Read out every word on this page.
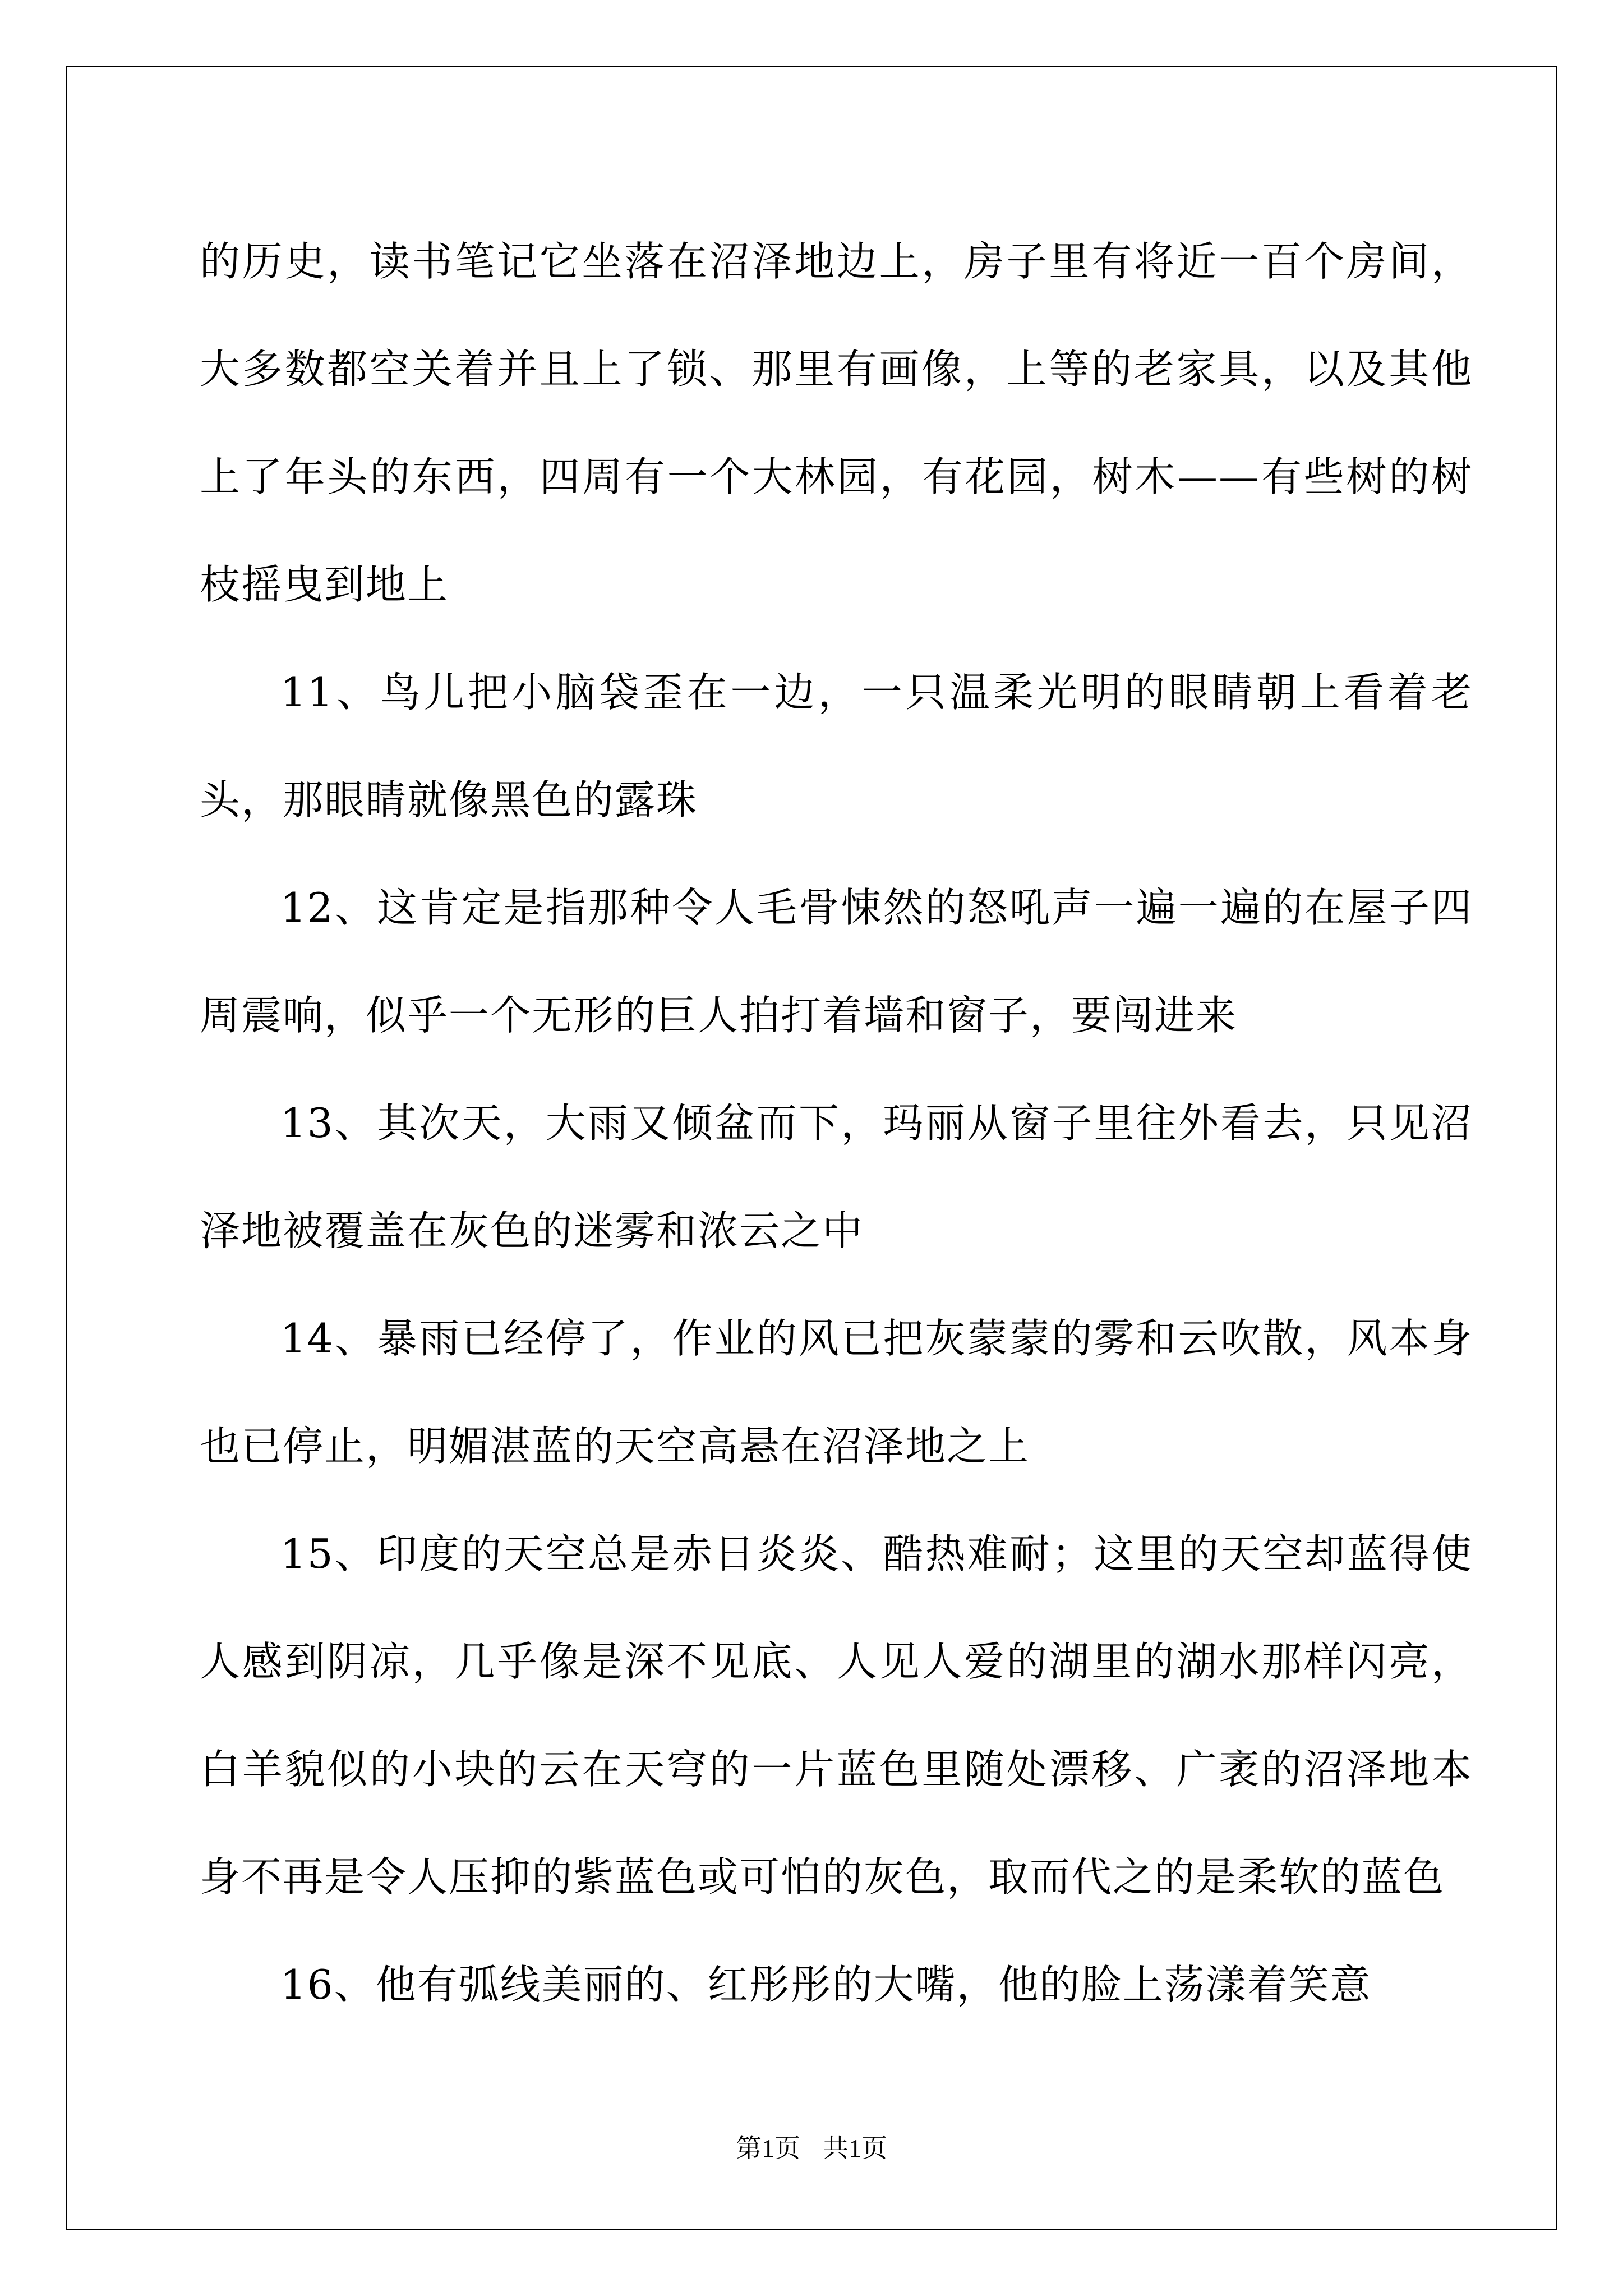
的历史，读书笔记它坐落在沼泽地边上，房子里有将近一百个房间，大多数都空关着并且上了锁、那里有画像，上等的老家具，以及其他上了年头的东西，四周有一个大林园，有花园，树木——有些树的树枝摇曳到地上

11、鸟儿把小脑袋歪在一边，一只温柔光明的眼睛朝上看着老头，那眼睛就像黑色的露珠

12、这肯定是指那种令人毛骨悚然的怒吼声一遍一遍的在屋子四周震响，似乎一个无形的巨人拍打着墙和窗子，要闯进来

13、其次天，大雨又倾盆而下，玛丽从窗子里往外看去，只见沼泽地被覆盖在灰色的迷雾和浓云之中

14、暴雨已经停了，作业的风已把灰蒙蒙的雾和云吹散，风本身也已停止，明媚湛蓝的天空高悬在沼泽地之上

15、印度的天空总是赤日炎炎、酷热难耐；这里的天空却蓝得使人感到阴凉，几乎像是深不见底、人见人爱的湖里的湖水那样闪亮，白羊貌似的小块的云在天穹的一片蓝色里随处漂移、广袤的沼泽地本身不再是令人压抑的紫蓝色或可怕的灰色，取而代之的是柔软的蓝色

16、他有弧线美丽的、红彤彤的大嘴，他的脸上荡漾着笑意

第1页 共1页
